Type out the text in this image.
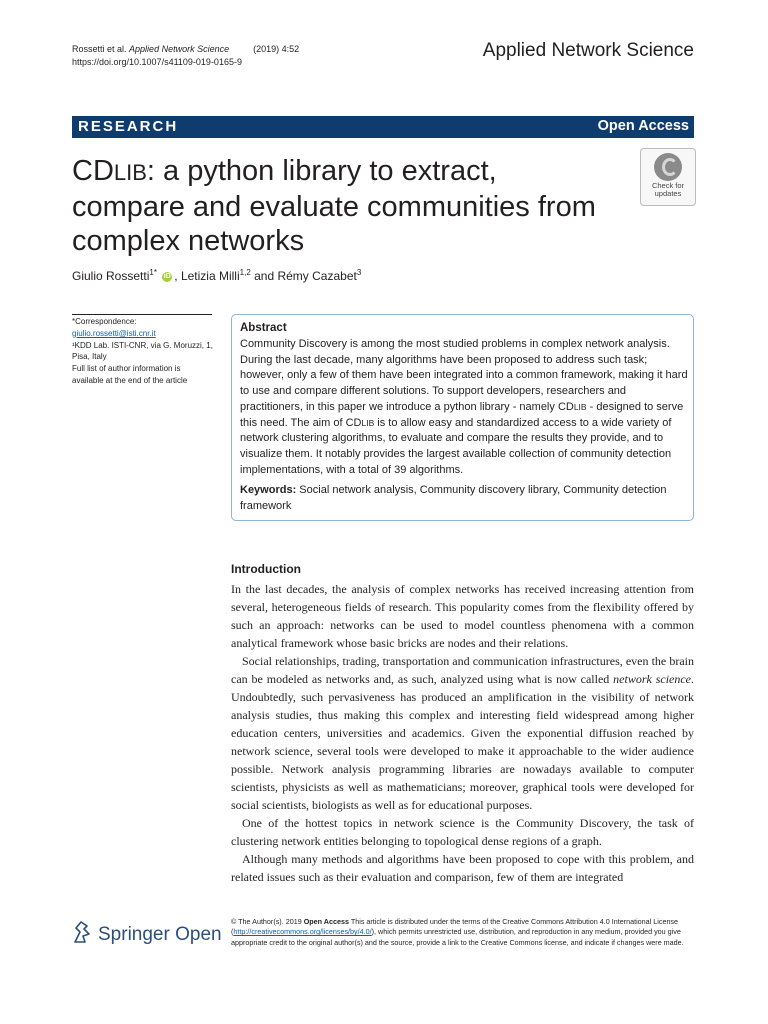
Rossetti et al. Applied Network Science	(2019) 4:52
https://doi.org/10.1007/s41109-019-0165-9
Applied Network Science
RESEARCH	Open Access
CDLIB: a python library to extract,
compare and evaluate communities from
complex networks
Check for
updates
Giulio Rossetti$^{1*}$ iD , Letizia Milli$^{1,2}$ and Rémy Cazabet$^3$
*Correspondence:
giulio.rossetti@isti.cnr.it
¹KDD Lab. ISTI-CNR, via G. Moruzzi, 1, Pisa, Italy
Full list of author information is available at the end of the article
Abstract
Community Discovery is among the most studied problems in complex network analysis. During the last decade, many algorithms have been proposed to address such task; however, only a few of them have been integrated into a common framework, making it hard to use and compare different solutions. To support developers, researchers and practitioners, in this paper we introduce a python library - namely CDLIB - designed to serve this need. The aim of CDLIB is to allow easy and standardized access to a wide variety of network clustering algorithms, to evaluate and compare the results they provide, and to visualize them. It notably provides the largest available collection of community detection implementations, with a total of 39 algorithms.
Keywords: Social network analysis, Community discovery library, Community detection framework
Introduction

In the last decades, the analysis of complex networks has received increasing attention from several, heterogeneous fields of research. This popularity comes from the flexibility offered by such an approach: networks can be used to model countless phenomena with a common analytical framework whose basic bricks are nodes and their relations.

Social relationships, trading, transportation and communication infrastructures, even the brain can be modeled as networks and, as such, analyzed using what is now called network science. Undoubtedly, such pervasiveness has produced an amplification in the visibility of network analysis studies, thus making this complex and interesting field widespread among higher education centers, universities and academics. Given the exponential diffusion reached by network science, several tools were developed to make it approachable to the wider audience possible. Network analysis programming libraries are nowadays available to computer scientists, physicists as well as mathematicians; moreover, graphical tools were developed for social scientists, biologists as well as for educational purposes.

One of the hottest topics in network science is the Community Discovery, the task of clustering network entities belonging to topological dense regions of a graph.

Although many methods and algorithms have been proposed to cope with this problem, and related issues such as their evaluation and comparison, few of them are integrated

Springer Open
© The Author(s). 2019 Open Access This article is distributed under the terms of the Creative Commons Attribution 4.0 International License (http://creativecommons.org/licenses/by/4.0/), which permits unrestricted use, distribution, and reproduction in any medium, provided you give appropriate credit to the original author(s) and the source, provide a link to the Creative Commons license, and indicate if changes were made.
